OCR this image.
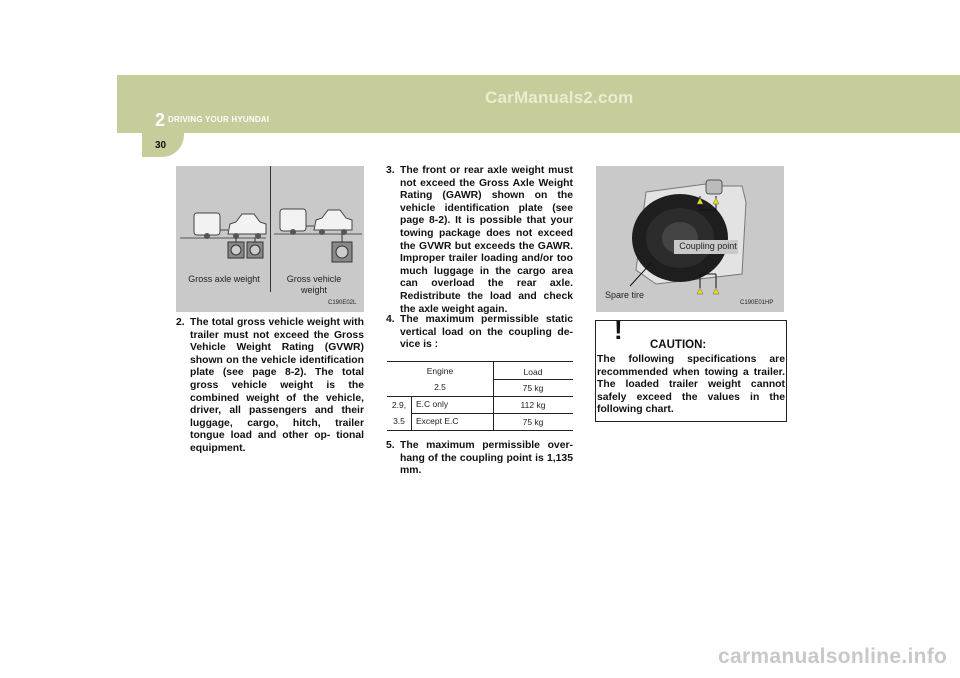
2 DRIVING YOUR HYUNDAI
30
CarManuals2.com
carmanualsonline.info
Gross axle weight	Gross vehicle
weight
C190E02L
Coupling point
Spare tire
C190E01HP
2. The total gross vehicle weight with trailer must not exceed the Gross Vehicle Weight Rating (GVWR) shown on the vehicle identification plate (see page 8-2). The total gross vehicle weight is the combined weight of the vehicle, driver, all passengers and their luggage, cargo, hitch, trailer tongue load and other op- tional equipment.
3. The front or rear axle weight must not exceed the Gross Axle Weight Rating (GAWR) shown on the vehicle identification plate (see page 8-2). It is possible that your towing package does not exceed the GVWR but exceeds the GAWR. Improper trailer loading and/or too much luggage in the cargo area can overload the rear axle. Redistribute the load and check the axle weight again.
4. The maximum permissible static vertical load on the coupling de- vice is :
Engine
2.5
2.9,
3.5
E.C only
Except E.C
Load
75 kg
112 kg
75 kg
5. The maximum permissible over- hang of the coupling point is 1,135 mm.
! CAUTION:
The following specifications are recommended when towing a trailer. The loaded trailer weight cannot safely exceed the values in the following chart.
